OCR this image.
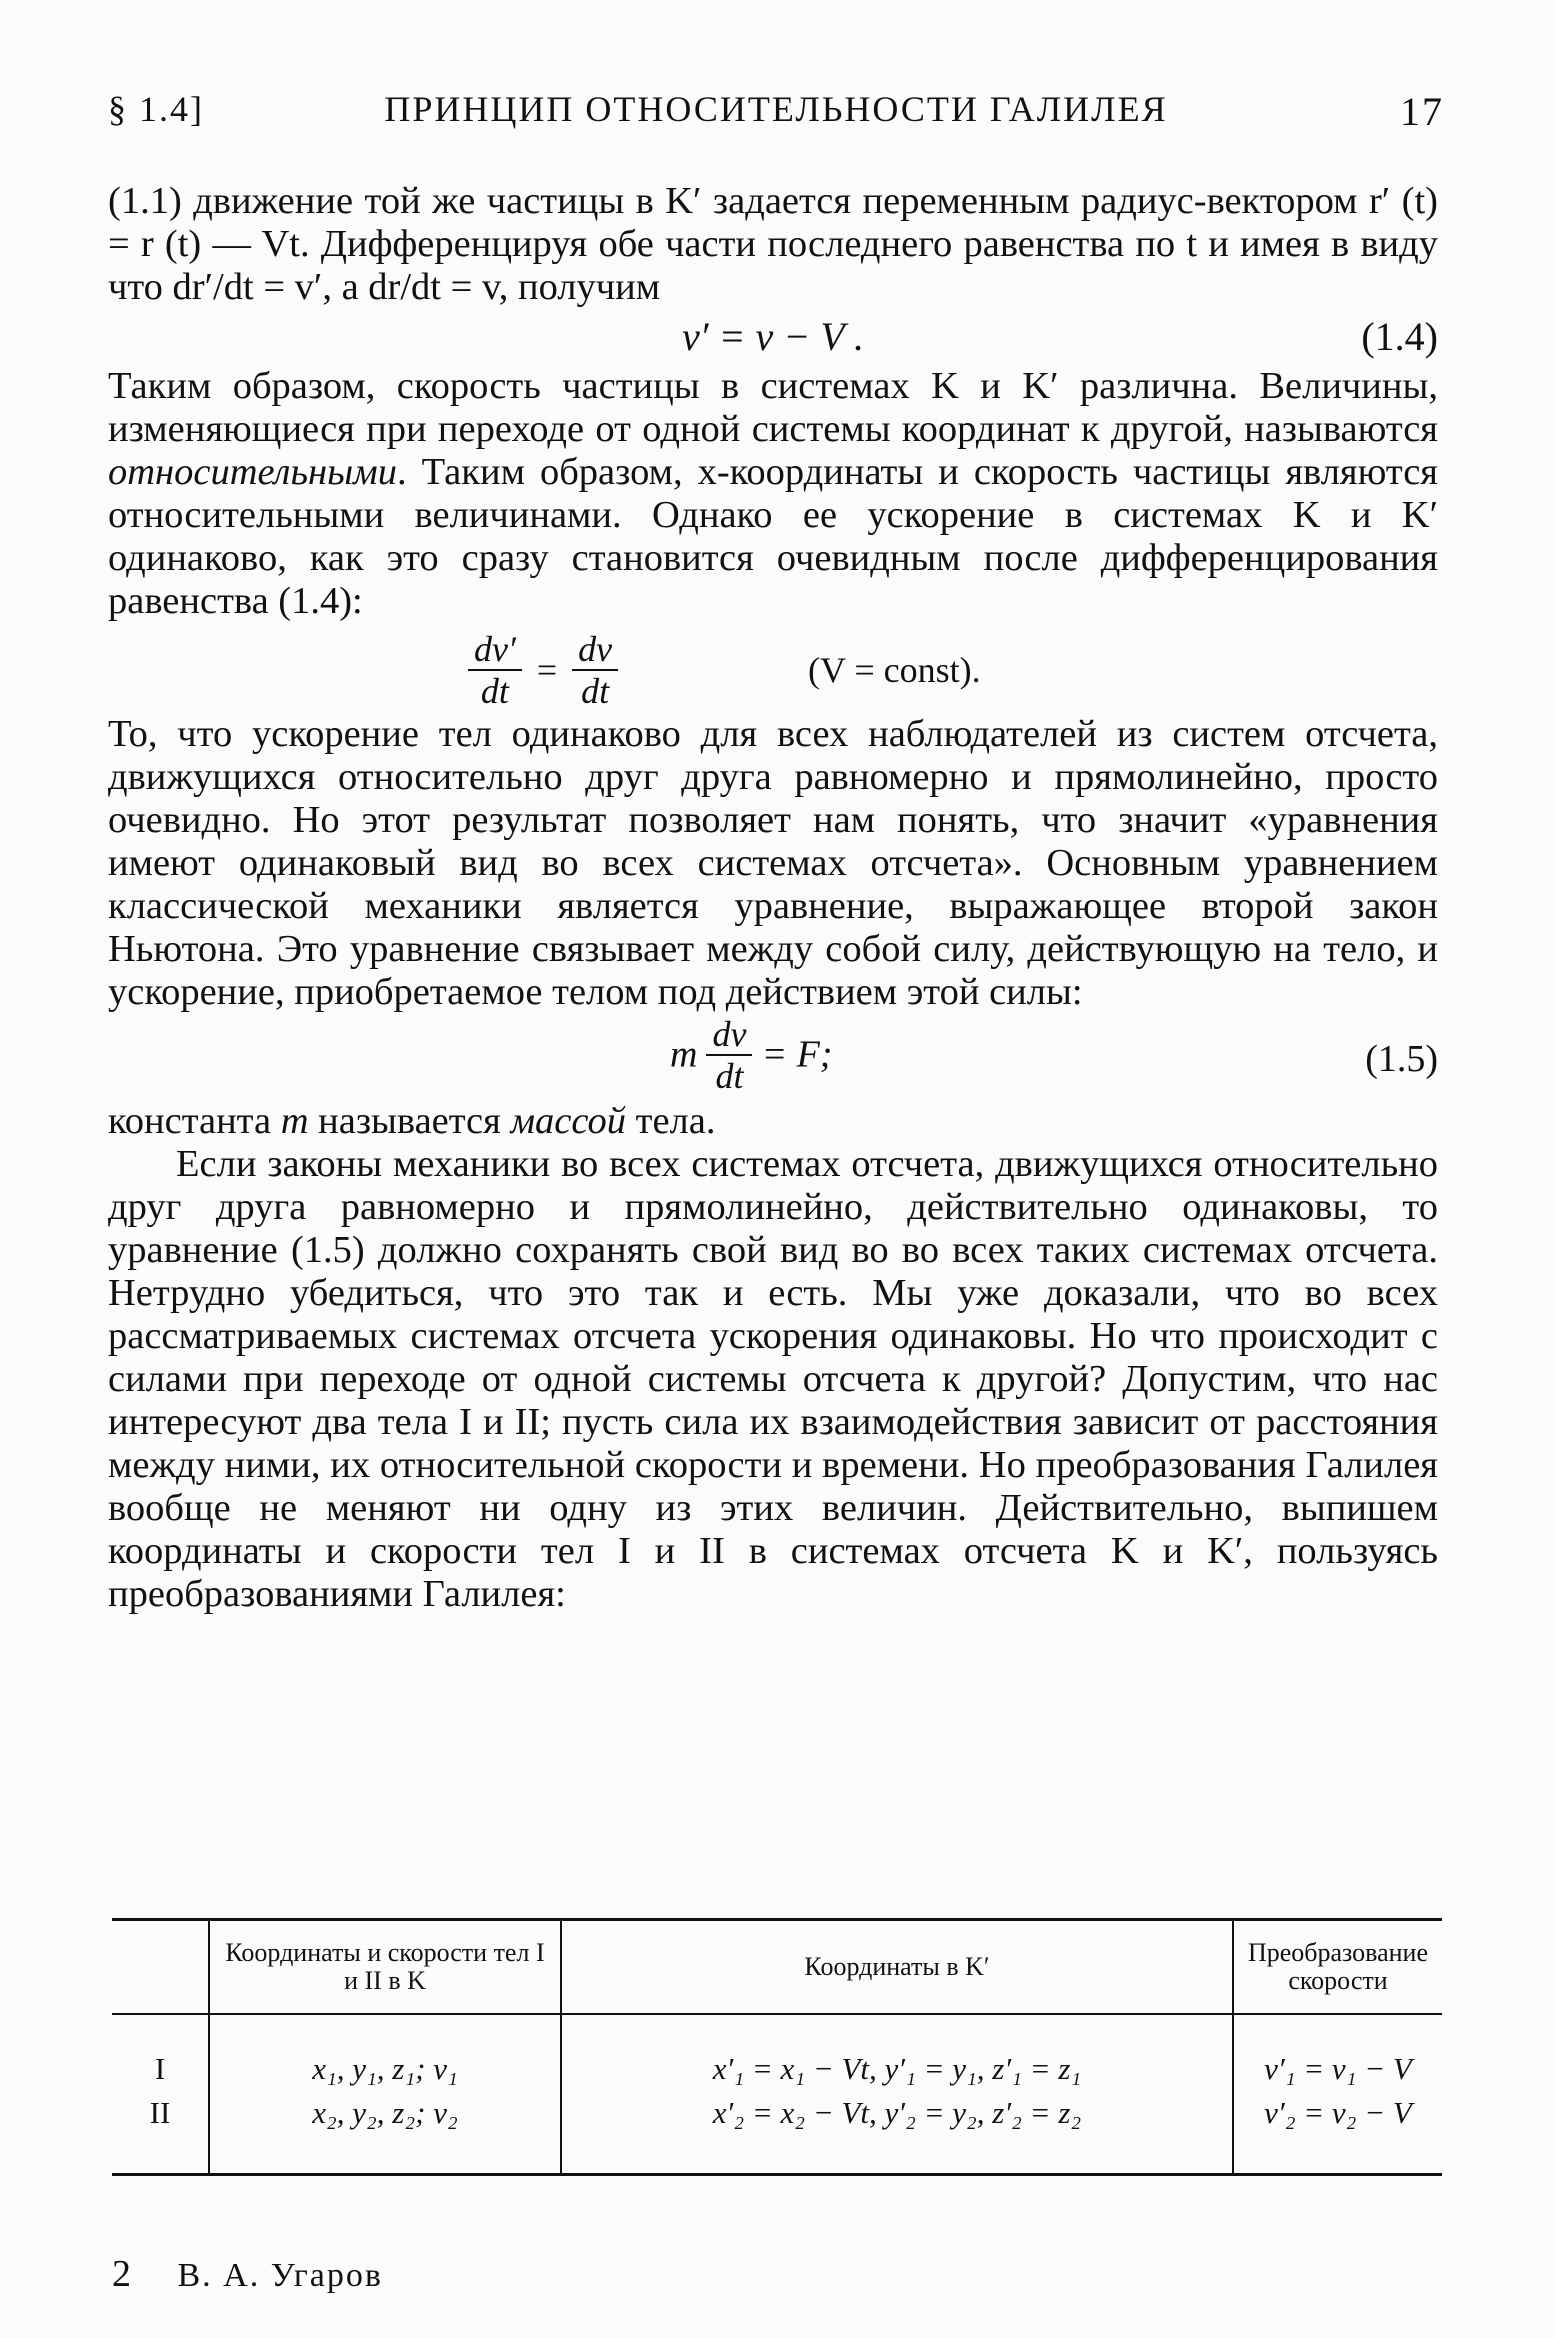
§ 1.4]	ПРИНЦИП ОТНОСИТЕЛЬНОСТИ ГАЛИЛЕЯ	17

(1.1) движение той же частицы в K′ задается переменным радиус-вектором r′ (t) = r (t) — Vt. Дифференцируя обе части последнего равенства по t и имея в виду что dr′/dt = v′, а dr/dt = v, получим

v′ = v − V .	(1.4)

Таким образом, скорость частицы в системах K и K′ различна. Величины, изменяющиеся при переходе от одной системы координат к другой, называются относительными. Таким образом, x-координаты и скорость частицы являются относительными величинами. Однако ее ускорение в системах K и K′ одинаково, как это сразу становится очевидным после дифференцирования равенства (1.4):

$\frac{dv'}{dt} = \frac{dv}{dt}$	(V = const).

То, что ускорение тел одинаково для всех наблюдателей из систем отсчета, движущихся относительно друг друга равномерно и прямолинейно, просто очевидно. Но этот результат позволяет нам понять, что значит «уравнения имеют одинаковый вид во всех системах отсчета». Основным уравнением классической механики является уравнение, выражающее второй закон Ньютона. Это уравнение связывает между собой силу, действующую на тело, и ускорение, приобретаемое телом под действием этой силы:

m $\frac{dv}{dt} = F$;	(1.5)

константа m называется массой тела.

Если законы механики во всех системах отсчета, движущихся относительно друг друга равномерно и прямолинейно, действительно одинаковы, то уравнение (1.5) должно сохранять свой вид во во всех таких системах отсчета. Нетрудно убедиться, что это так и есть. Мы уже доказали, что во всех рассматриваемых системах отсчета ускорения одинаковы. Но что происходит с силами при переходе от одной системы отсчета к другой? Допустим, что нас интересуют два тела I и II; пусть сила их взаимодействия зависит от расстояния между ними, их относительной скорости и времени. Но преобразования Галилея вообще не меняют ни одну из этих величин. Действительно, выпишем координаты и скорости тел I и II в системах отсчета K и K′, пользуясь преобразованиями Галилея:

	Координаты и скорости тел I и II в K	Координаты в K′	Преобразование скорости
I	x₁, y₁, z₁; v₁	x′₁ = x₁ − Vt, y′₁ = y₁, z′₁ = z₁	v′₁ = v₁ − V
II	x₂, y₂, z₂; v₂	x′₂ = x₂ − Vt, y′₂ = y₂, z′₂ = z₂	v′₂ = v₂ − V
2 В. А. Угаров
